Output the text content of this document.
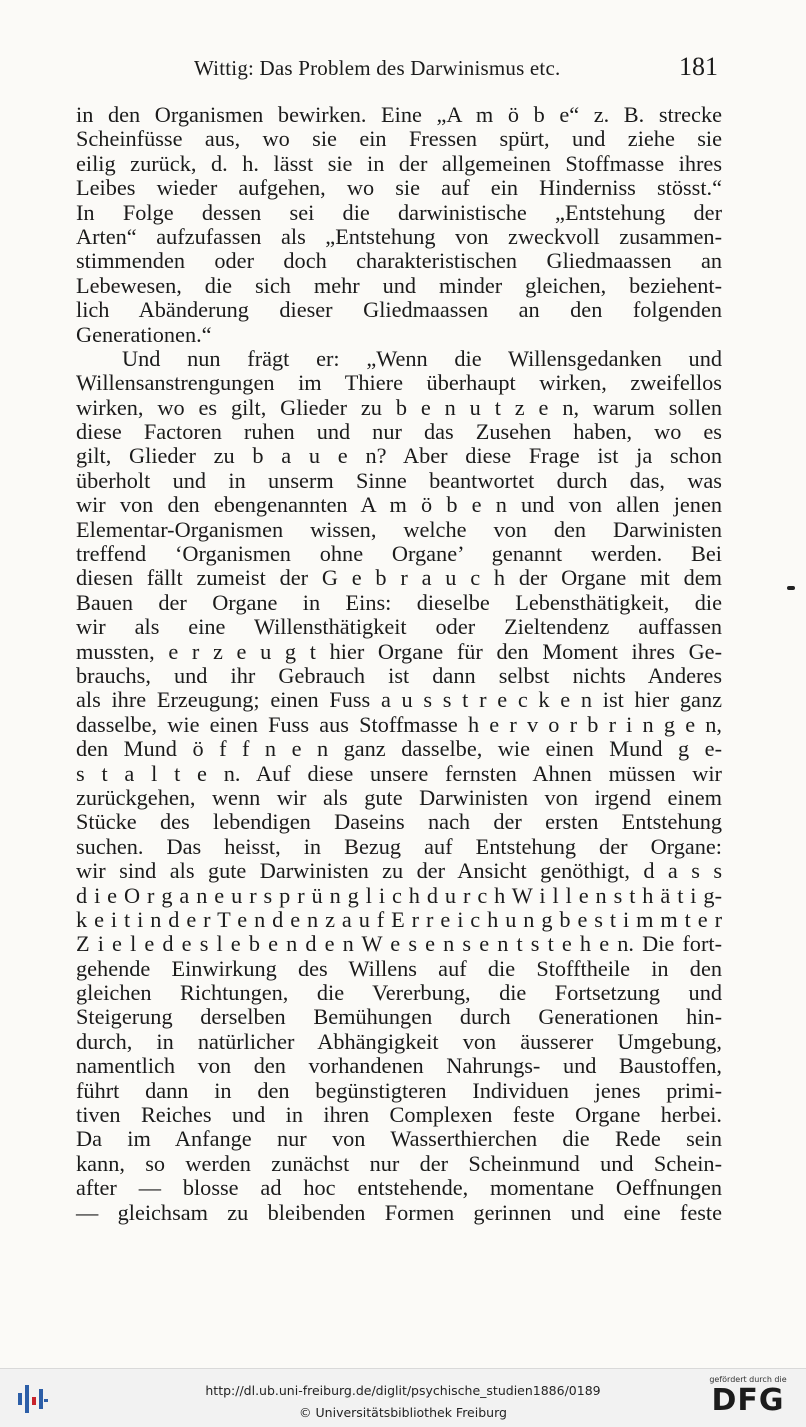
Wittig: Das Problem des Darwinismus etc.	181
in den Organismen bewirken. Eine „A m ö b e“ z. B. strecke
Scheinfüsse aus, wo sie ein Fressen spürt, und ziehe sie
eilig zurück, d. h. lässt sie in der allgemeinen Stoffmasse ihres
Leibes wieder aufgehen, wo sie auf ein Hinderniss stösst.“
In Folge dessen sei die darwinistische „Entstehung der
Arten“ aufzufassen als „Entstehung von zweckvoll zusammen-
stimmenden oder doch charakteristischen Gliedmaassen an
Lebewesen, die sich mehr und minder gleichen, beziehent-
lich Abänderung dieser Gliedmaassen an den folgenden
Generationen.“
Und nun frägt er: „Wenn die Willensgedanken und
Willensanstrengungen im Thiere überhaupt wirken, zweifellos
wirken, wo es gilt, Glieder zu b e n u t z e n, warum sollen
diese Factoren ruhen und nur das Zusehen haben, wo es
gilt, Glieder zu b a u e n? Aber diese Frage ist ja schon
überholt und in unserm Sinne beantwortet durch das, was
wir von den ebengenannten A m ö b e n und von allen jenen
Elementar-Organismen wissen, welche von den Darwinisten
treffend ‘Organismen ohne Organe’ genannt werden. Bei
diesen fällt zumeist der G e b r a u c h der Organe mit dem
Bauen der Organe in Eins: dieselbe Lebensthätigkeit, die
wir als eine Willensthätigkeit oder Zieltendenz auffassen
mussten, e r z e u g t hier Organe für den Moment ihres Ge-
brauchs, und ihr Gebrauch ist dann selbst nichts Anderes
als ihre Erzeugung; einen Fuss a u s s t r e c k e n ist hier ganz
dasselbe, wie einen Fuss aus Stoffmasse h e r v o r b r i n g e n,
den Mund ö f f n e n ganz dasselbe, wie einen Mund g e-
s t a l t e n. Auf diese unsere fernsten Ahnen müssen wir
zurückgehen, wenn wir als gute Darwinisten von irgend einem
Stücke des lebendigen Daseins nach der ersten Entstehung
suchen. Das heisst, in Bezug auf Entstehung der Organe:
wir sind als gute Darwinisten zu der Ansicht genöthigt, d a s s
d i e O r g a n e u r s p r ü n g l i c h d u r c h W i l l e n s t h ä t i g-
k e i t i n d e r T e n d e n z a u f E r r e i c h u n g b e s t i m m t e r
Z i e l e d e s l e b e n d e n W e s e n s e n t s t e h e n. Die fort-
gehende Einwirkung des Willens auf die Stofftheile in den
gleichen Richtungen, die Vererbung, die Fortsetzung und
Steigerung derselben Bemühungen durch Generationen hin-
durch, in natürlicher Abhängigkeit von äusserer Umgebung,
namentlich von den vorhandenen Nahrungs- und Baustoffen,
führt dann in den begünstigteren Individuen jenes primi-
tiven Reiches und in ihren Complexen feste Organe herbei.
Da im Anfange nur von Wasserthierchen die Rede sein
kann, so werden zunächst nur der Scheinmund und Schein-
after — blosse ad hoc entstehende, momentane Oeffnungen
— gleichsam zu bleibenden Formen gerinnen und eine feste
http://dl.ub.uni-freiburg.de/diglit/psychische_studien1886/0189
© Universitätsbibliothek Freiburg
gefördert durch die
DFG
